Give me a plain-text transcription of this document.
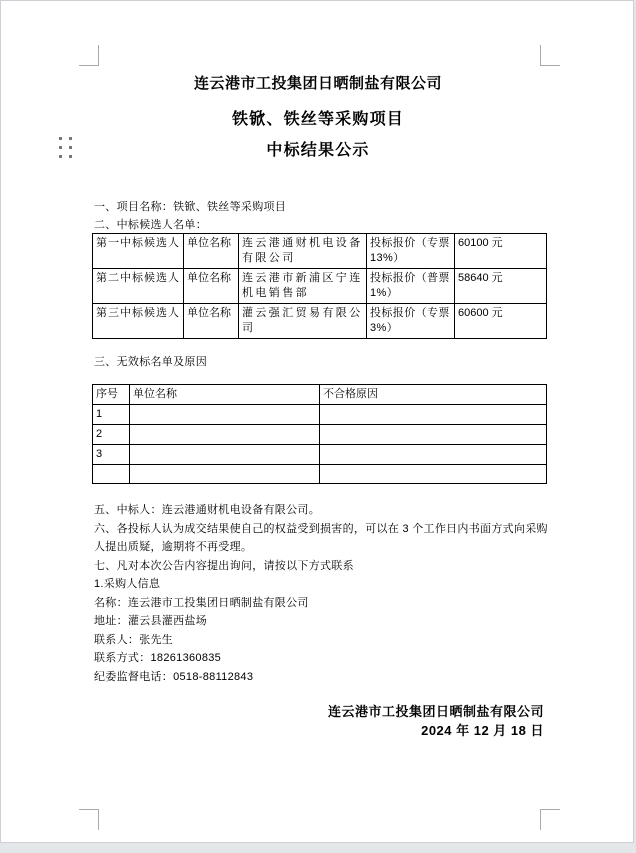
连云港市工投集团日晒制盐有限公司
铁锨、铁丝等采购项目
中标结果公示
一、项目名称：铁锨、铁丝等采购项目
二、中标候选人名单：
第一中标候选人	单位名称	连云港通财机电设备有限公司	投标报价（专票13%）	60100 元
第二中标候选人	单位名称	连云港市新浦区宁连机电销售部	投标报价（普票1%）	58640 元
第三中标候选人	单位名称	灌云强汇贸易有限公司	投标报价（专票3%）	60600 元
三、无效标名单及原因
序号	单位名称	不合格原因
1		
2		
3		

五、中标人：连云港通财机电设备有限公司。
六、各投标人认为成交结果使自己的权益受到损害的，可以在 3 个工作日内书面方式向采购
人提出质疑，逾期将不再受理。
七、凡对本次公告内容提出询问，请按以下方式联系
1.采购人信息
名称：连云港市工投集团日晒制盐有限公司
地址：灌云县灌西盐场
联系人：张先生
联系方式：18261360835
纪委监督电话：0518-88112843
连云港市工投集团日晒制盐有限公司
2024 年 12 月 18 日
